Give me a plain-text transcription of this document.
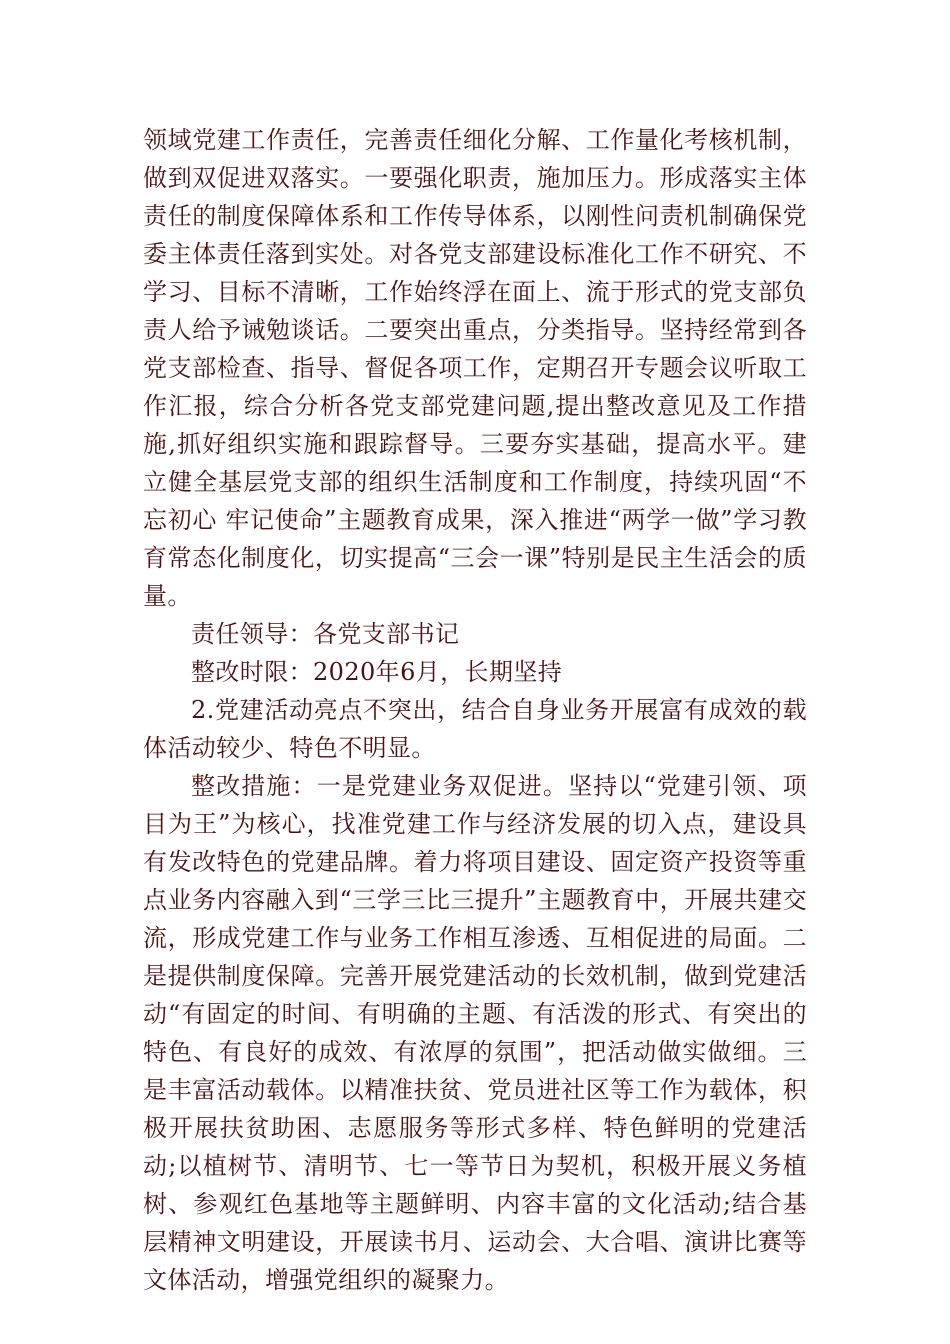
领域党建工作责任，完善责任细化分解、工作量化考核机制，做到双促进双落实。一要强化职责，施加压力。形成落实主体责任的制度保障体系和工作传导体系，以刚性问责机制确保党委主体责任落到实处。对各党支部建设标准化工作不研究、不学习、目标不清晰，工作始终浮在面上、流于形式的党支部负责人给予诫勉谈话。二要突出重点，分类指导。坚持经常到各党支部检查、指导、督促各项工作，定期召开专题会议听取工作汇报，综合分析各党支部党建问题,提出整改意见及工作措施,抓好组织实施和跟踪督导。三要夯实基础，提高水平。建立健全基层党支部的组织生活制度和工作制度，持续巩固“不忘初心 牢记使命”主题教育成果，深入推进“两学一做”学习教育常态化制度化，切实提高“三会一课”特别是民主生活会的质量。

责任领导：各党支部书记

整改时限：2020年6月，长期坚持

2.党建活动亮点不突出，结合自身业务开展富有成效的载体活动较少、特色不明显。

整改措施：一是党建业务双促进。坚持以“党建引领、项目为王”为核心，找准党建工作与经济发展的切入点，建设具有发改特色的党建品牌。着力将项目建设、固定资产投资等重点业务内容融入到“三学三比三提升”主题教育中，开展共建交流，形成党建工作与业务工作相互渗透、互相促进的局面。二是提供制度保障。完善开展党建活动的长效机制，做到党建活动“有固定的时间、有明确的主题、有活泼的形式、有突出的特色、有良好的成效、有浓厚的氛围”，把活动做实做细。三是丰富活动载体。以精准扶贫、党员进社区等工作为载体，积极开展扶贫助困、志愿服务等形式多样、特色鲜明的党建活动;以植树节、清明节、七一等节日为契机，积极开展义务植树、参观红色基地等主题鲜明、内容丰富的文化活动;结合基层精神文明建设，开展读书月、运动会、大合唱、演讲比赛等文体活动，增强党组织的凝聚力。
